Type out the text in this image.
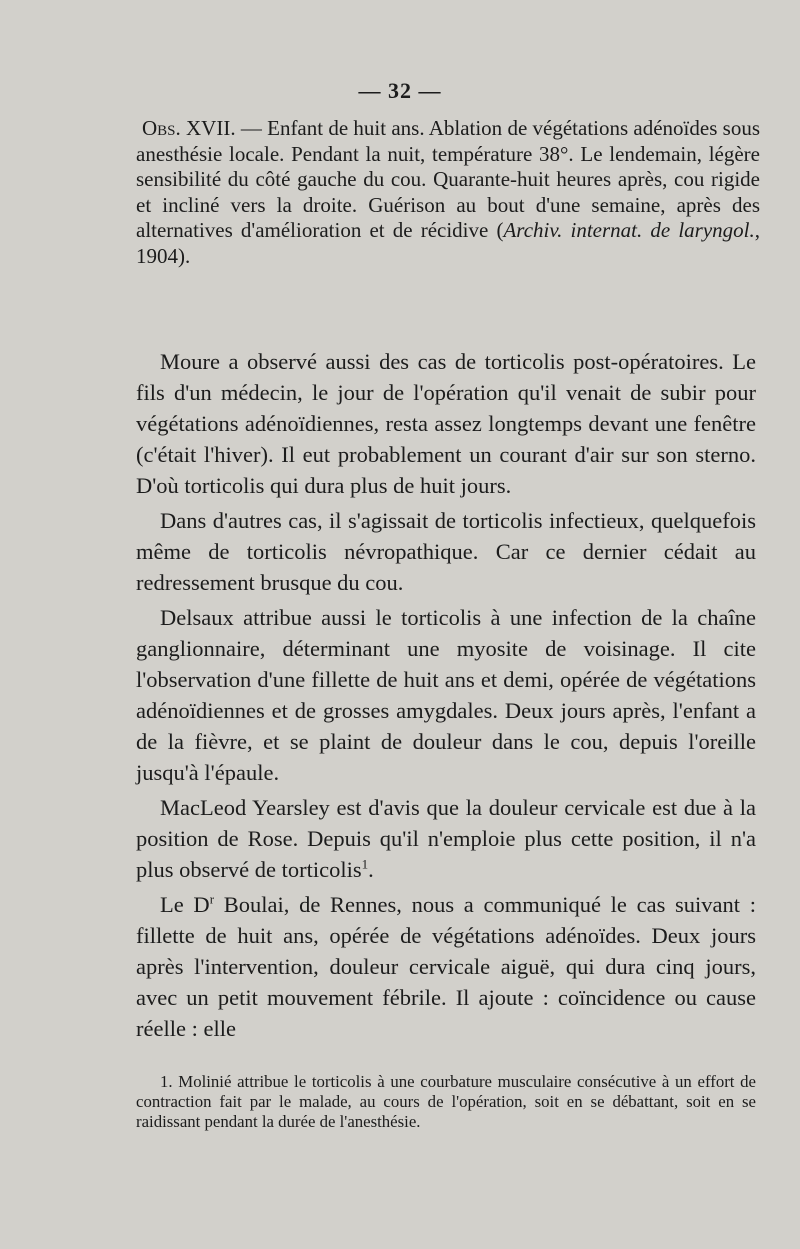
— 32 —
Obs. XVII. — Enfant de huit ans. Ablation de végétations adénoïdes sous anesthésie locale. Pendant la nuit, température 38°. Le lendemain, légère sensibilité du côté gauche du cou. Quarante-huit heures après, cou rigide et incliné vers la droite. Guérison au bout d'une semaine, après des alternatives d'amélioration et de récidive (Archiv. internat. de laryngol., 1904).

Moure a observé aussi des cas de torticolis post-opératoires. Le fils d'un médecin, le jour de l'opération qu'il venait de subir pour végétations adénoïdiennes, resta assez longtemps devant une fenêtre (c'était l'hiver). Il eut probablement un courant d'air sur son sterno. D'où torticolis qui dura plus de huit jours.

Dans d'autres cas, il s'agissait de torticolis infectieux, quelquefois même de torticolis névropathique. Car ce dernier cédait au redressement brusque du cou.

Delsaux attribue aussi le torticolis à une infection de la chaîne ganglionnaire, déterminant une myosite de voisinage. Il cite l'observation d'une fillette de huit ans et demi, opérée de végétations adénoïdiennes et de grosses amygdales. Deux jours après, l'enfant a de la fièvre, et se plaint de douleur dans le cou, depuis l'oreille jusqu'à l'épaule.

MacLeod Yearsley est d'avis que la douleur cervicale est due à la position de Rose. Depuis qu'il n'emploie plus cette position, il n'a plus observé de torticolis$^1$.

Le $D^r$ Boulai, de Rennes, nous a communiqué le cas suivant : fillette de huit ans, opérée de végétations adénoïdes. Deux jours après l'intervention, douleur cervicale aiguë, qui dura cinq jours, avec un petit mouvement fébrile. Il ajoute : coïncidence ou cause réelle : elle

1. Molinié attribue le torticolis à une courbature musculaire consécutive à un effort de contraction fait par le malade, au cours de l'opération, soit en se débattant, soit en se raidissant pendant la durée de l'anesthésie.
